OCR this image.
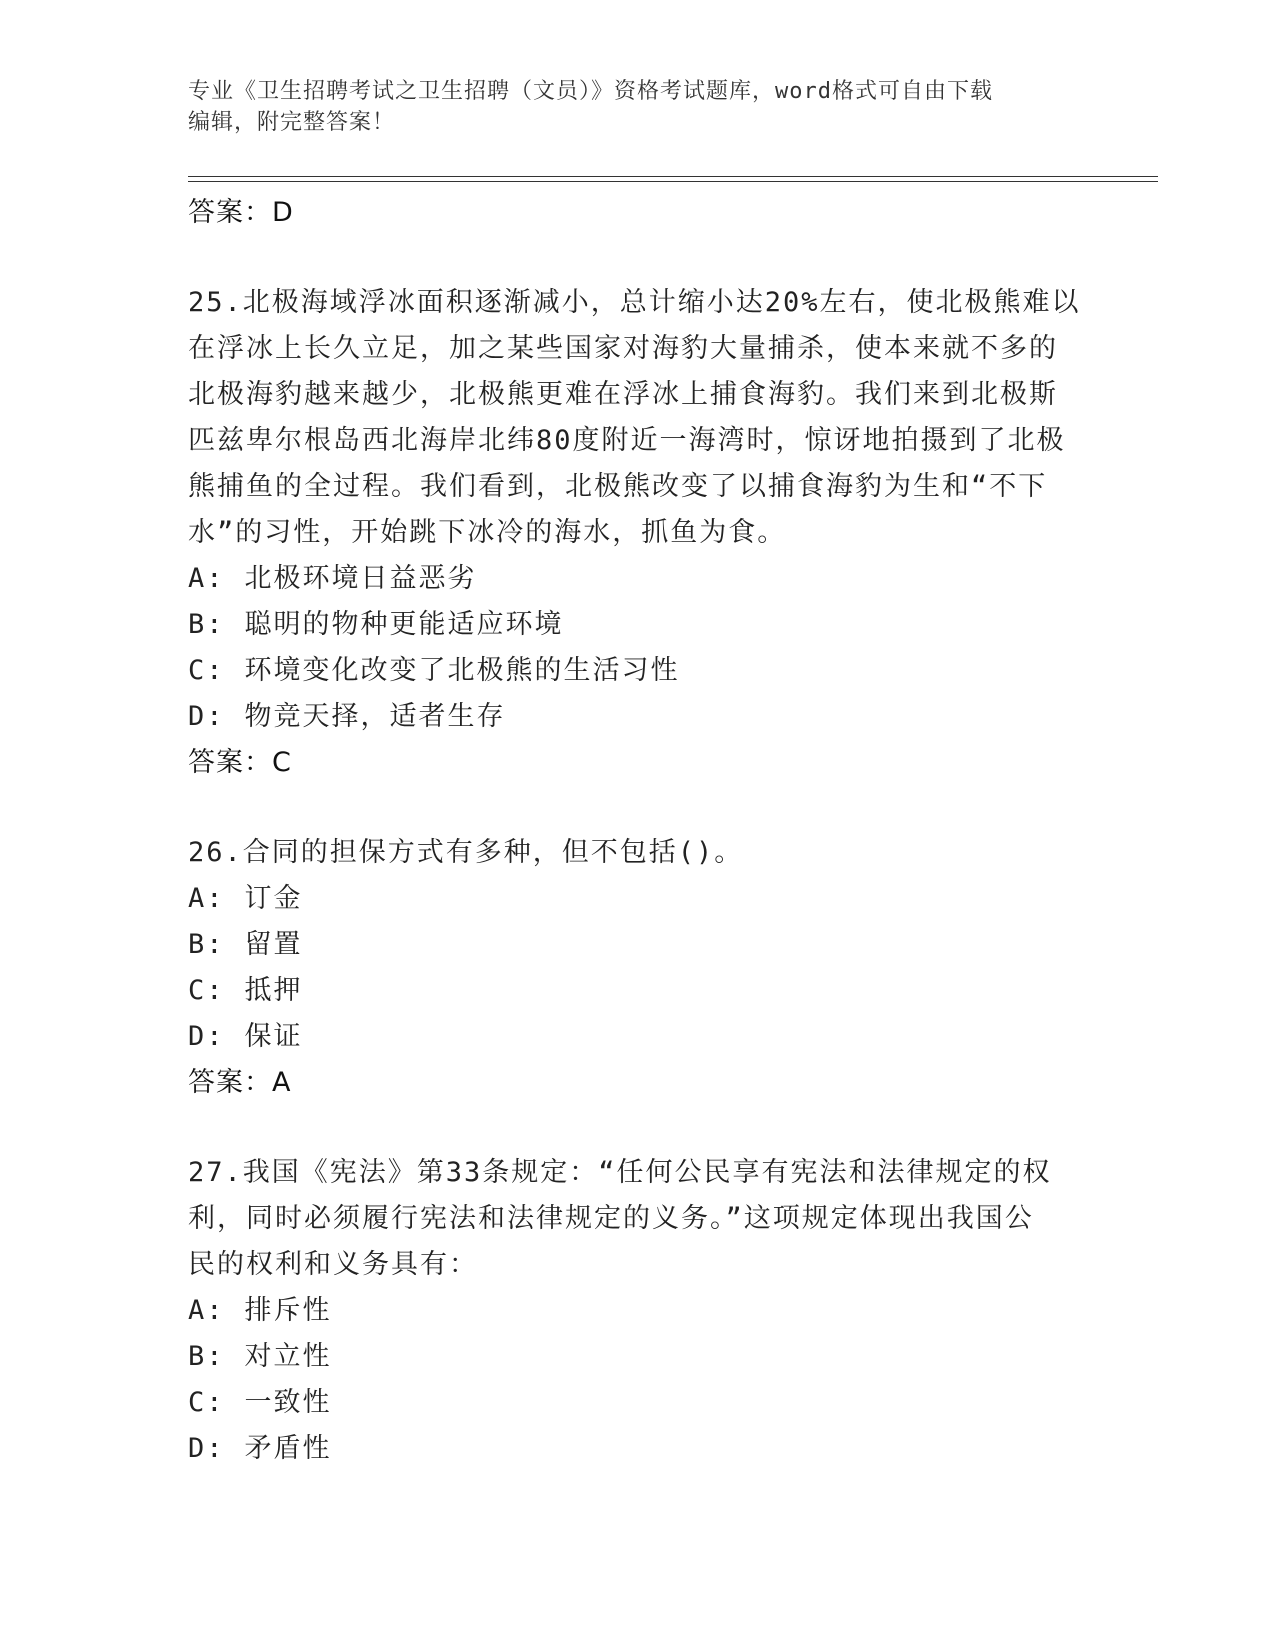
专业《卫生招聘考试之卫生招聘（文员）》资格考试题库，word格式可自由下载
编辑，附完整答案！
答案：D
25.北极海域浮冰面积逐渐减小，总计缩小达20%左右，使北极熊难以
在浮冰上长久立足，加之某些国家对海豹大量捕杀，使本来就不多的
北极海豹越来越少，北极熊更难在浮冰上捕食海豹。我们来到北极斯
匹兹卑尔根岛西北海岸北纬80度附近一海湾时，惊讶地拍摄到了北极
熊捕鱼的全过程。我们看到，北极熊改变了以捕食海豹为生和“不下
水”的习性，开始跳下冰冷的海水，抓鱼为食。
A: 北极环境日益恶劣
B: 聪明的物种更能适应环境
C: 环境变化改变了北极熊的生活习性
D: 物竞天择，适者生存
答案：C
26.合同的担保方式有多种，但不包括()。
A: 订金
B: 留置
C: 抵押
D: 保证
答案：A
27.我国《宪法》第33条规定：“任何公民享有宪法和法律规定的权
利，同时必须履行宪法和法律规定的义务。”这项规定体现出我国公
民的权利和义务具有：
A: 排斥性
B: 对立性
C: 一致性
D: 矛盾性
